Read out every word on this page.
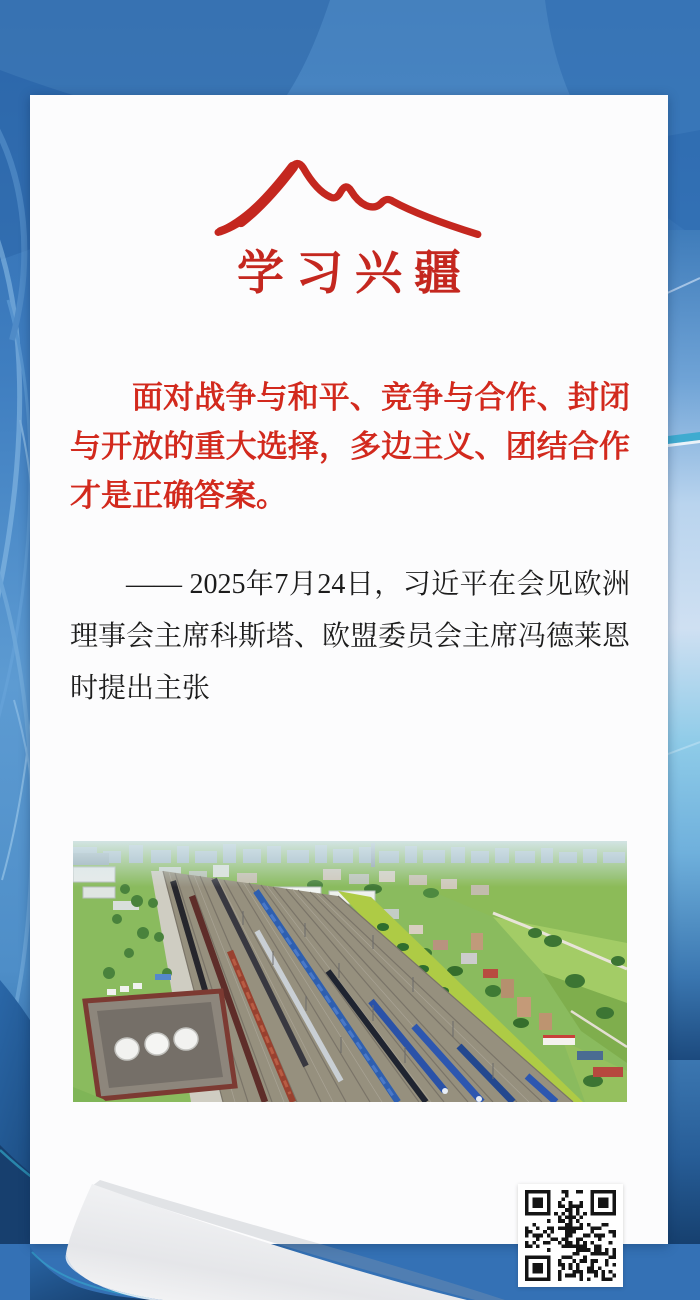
学习兴疆
面对战争与和平、竞争与合作、封闭与开放的重大选择，多边主义、团结合作才是正确答案。
—— 2025年7月24日，习近平在会见欧洲理事会主席科斯塔、欧盟委员会主席冯德莱恩时提出主张
